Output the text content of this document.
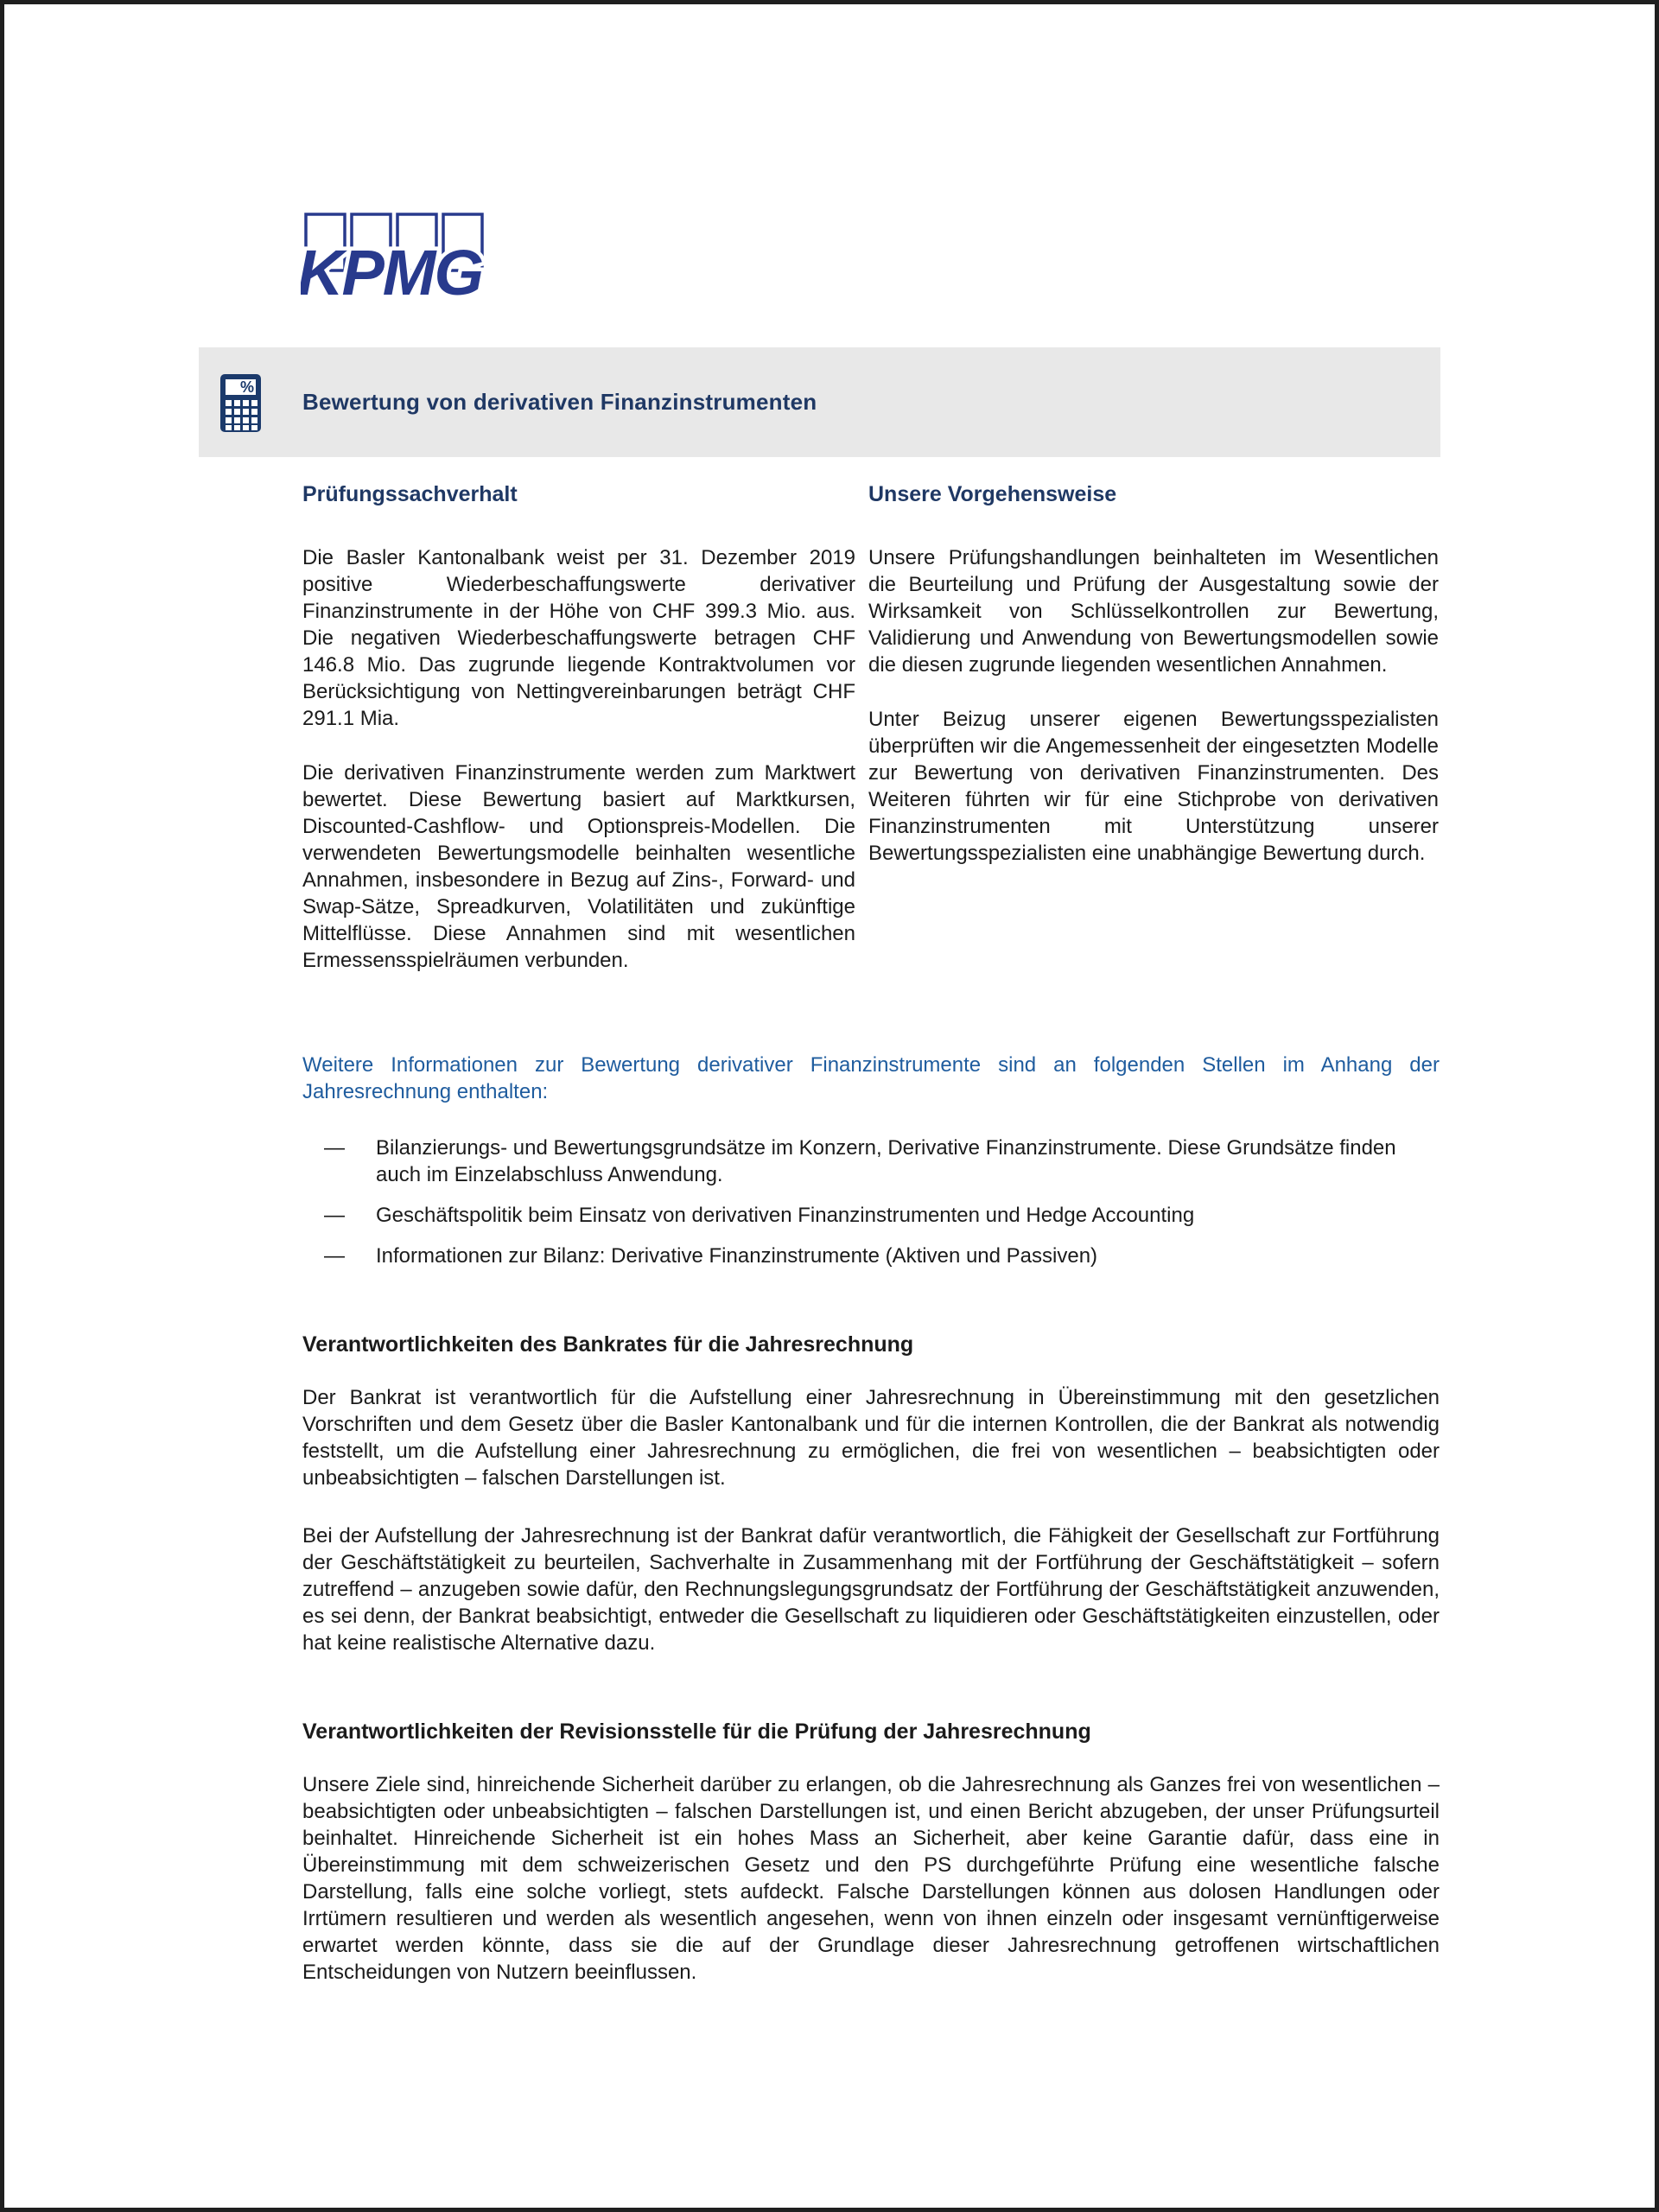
KPMG
%
Bewertung von derivativen Finanzinstrumenten
Prüfungssachverhalt

Die Basler Kantonalbank weist per 31. Dezember 2019 positive Wiederbeschaffungswerte derivativer Finanzinstrumente in der Höhe von CHF 399.3 Mio. aus. Die negativen Wiederbeschaffungswerte betragen CHF 146.8 Mio. Das zugrunde liegende Kontraktvolumen vor Berücksichtigung von Nettingvereinbarungen beträgt CHF 291.1 Mia.

Die derivativen Finanzinstrumente werden zum Marktwert bewertet. Diese Bewertung basiert auf Marktkursen, Discounted-Cashflow- und Optionspreis-Modellen. Die verwendeten Bewertungsmodelle beinhalten wesentliche Annahmen, insbesondere in Bezug auf Zins-, Forward- und Swap-Sätze, Spreadkurven, Volatilitäten und zukünftige Mittelflüsse. Diese Annahmen sind mit wesentlichen Ermessensspielräumen verbunden.

Unsere Vorgehensweise

Unsere Prüfungshandlungen beinhalteten im Wesentlichen die Beurteilung und Prüfung der Ausgestaltung sowie der Wirksamkeit von Schlüsselkontrollen zur Bewertung, Validierung und Anwendung von Bewertungsmodellen sowie die diesen zugrunde liegenden wesentlichen Annahmen.

Unter Beizug unserer eigenen Bewertungsspezialisten überprüften wir die Angemessenheit der eingesetzten Modelle zur Bewertung von derivativen Finanzinstrumenten. Des Weiteren führten wir für eine Stichprobe von derivativen Finanzinstrumenten mit Unterstützung unserer Bewertungsspezialisten eine unabhängige Bewertung durch.

Weitere Informationen zur Bewertung derivativer Finanzinstrumente sind an folgenden Stellen im Anhang der Jahresrechnung enthalten:

— Bilanzierungs- und Bewertungsgrundsätze im Konzern, Derivative Finanzinstrumente. Diese Grundsätze finden auch im Einzelabschluss Anwendung.
— Geschäftspolitik beim Einsatz von derivativen Finanzinstrumenten und Hedge Accounting
— Informationen zur Bilanz: Derivative Finanzinstrumente (Aktiven und Passiven)
Verantwortlichkeiten des Bankrates für die Jahresrechnung

Der Bankrat ist verantwortlich für die Aufstellung einer Jahresrechnung in Übereinstimmung mit den gesetzlichen Vorschriften und dem Gesetz über die Basler Kantonalbank und für die internen Kontrollen, die der Bankrat als notwendig feststellt, um die Aufstellung einer Jahresrechnung zu ermöglichen, die frei von wesentlichen – beabsichtigten oder unbeabsichtigten – falschen Darstellungen ist.

Bei der Aufstellung der Jahresrechnung ist der Bankrat dafür verantwortlich, die Fähigkeit der Gesellschaft zur Fortführung der Geschäftstätigkeit zu beurteilen, Sachverhalte in Zusammenhang mit der Fortführung der Geschäftstätigkeit – sofern zutreffend – anzugeben sowie dafür, den Rechnungslegungsgrundsatz der Fortführung der Geschäftstätigkeit anzuwenden, es sei denn, der Bankrat beabsichtigt, entweder die Gesellschaft zu liquidieren oder Geschäftstätigkeiten einzustellen, oder hat keine realistische Alternative dazu.

Verantwortlichkeiten der Revisionsstelle für die Prüfung der Jahresrechnung

Unsere Ziele sind, hinreichende Sicherheit darüber zu erlangen, ob die Jahresrechnung als Ganzes frei von wesentlichen – beabsichtigten oder unbeabsichtigten – falschen Darstellungen ist, und einen Bericht abzugeben, der unser Prüfungsurteil beinhaltet. Hinreichende Sicherheit ist ein hohes Mass an Sicherheit, aber keine Garantie dafür, dass eine in Übereinstimmung mit dem schweizerischen Gesetz und den PS durchgeführte Prüfung eine wesentliche falsche Darstellung, falls eine solche vorliegt, stets aufdeckt. Falsche Darstellungen können aus dolosen Handlungen oder Irrtümern resultieren und werden als wesentlich angesehen, wenn von ihnen einzeln oder insgesamt vernünftigerweise erwartet werden könnte, dass sie die auf der Grundlage dieser Jahresrechnung getroffenen wirtschaftlichen Entscheidungen von Nutzern beeinflussen.
